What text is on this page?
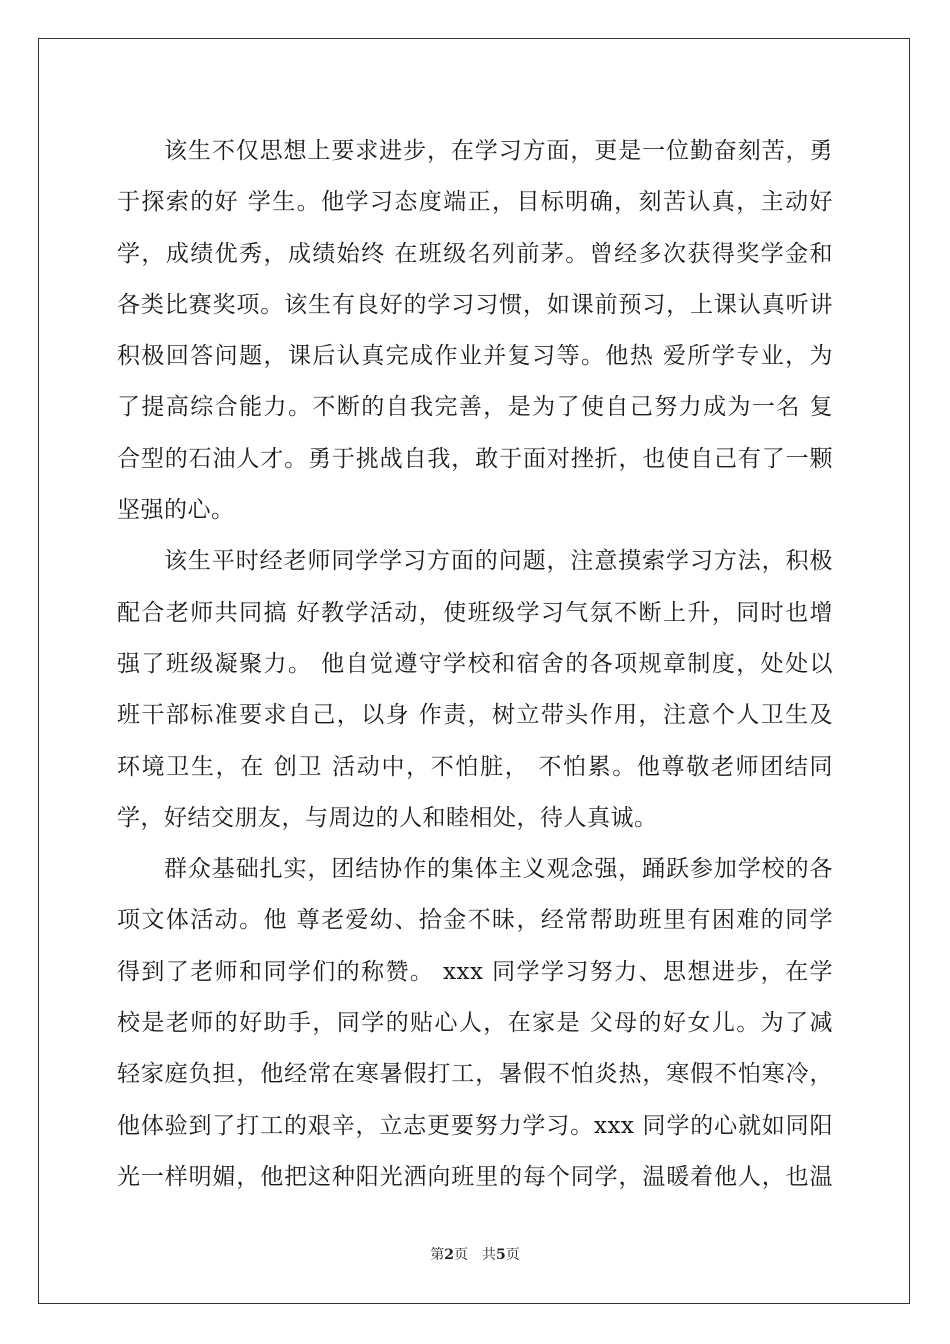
该生不仅思想上要求进步，在学习方面，更是一位勤奋刻苦，勇
于探索的好 学生。他学习态度端正，目标明确，刻苦认真，主动好
学，成绩优秀，成绩始终 在班级名列前茅。曾经多次获得奖学金和
各类比赛奖项。该生有良好的学习习惯，如课前预习，上课认真听讲
积极回答问题，课后认真完成作业并复习等。他热 爱所学专业，为
了提高综合能力。不断的自我完善，是为了使自己努力成为一名 复
合型的石油人才。勇于挑战自我，敢于面对挫折，也使自己有了一颗
坚强的心。
该生平时经老师同学学习方面的问题，注意摸索学习方法，积极
配合老师共同搞 好教学活动，使班级学习气氛不断上升，同时也增
强了班级凝聚力。 他自觉遵守学校和宿舍的各项规章制度，处处以
班干部标准要求自己，以身 作责，树立带头作用，注意个人卫生及
环境卫生，在 创卫 活动中，不怕脏， 不怕累。他尊敬老师团结同
学，好结交朋友，与周边的人和睦相处，待人真诚。
群众基础扎实，团结协作的集体主义观念强，踊跃参加学校的各
项文体活动。他 尊老爱幼、拾金不昧，经常帮助班里有困难的同学
得到了老师和同学们的称赞。 xxx 同学学习努力、思想进步，在学
校是老师的好助手，同学的贴心人，在家是 父母的好女儿。为了减
轻家庭负担，他经常在寒暑假打工，暑假不怕炎热，寒假不怕寒冷，
他体验到了打工的艰辛，立志更要努力学习。xxx 同学的心就如同阳
光一样明媚，他把这种阳光洒向班里的每个同学，温暖着他人，也温
第2页 共5页
